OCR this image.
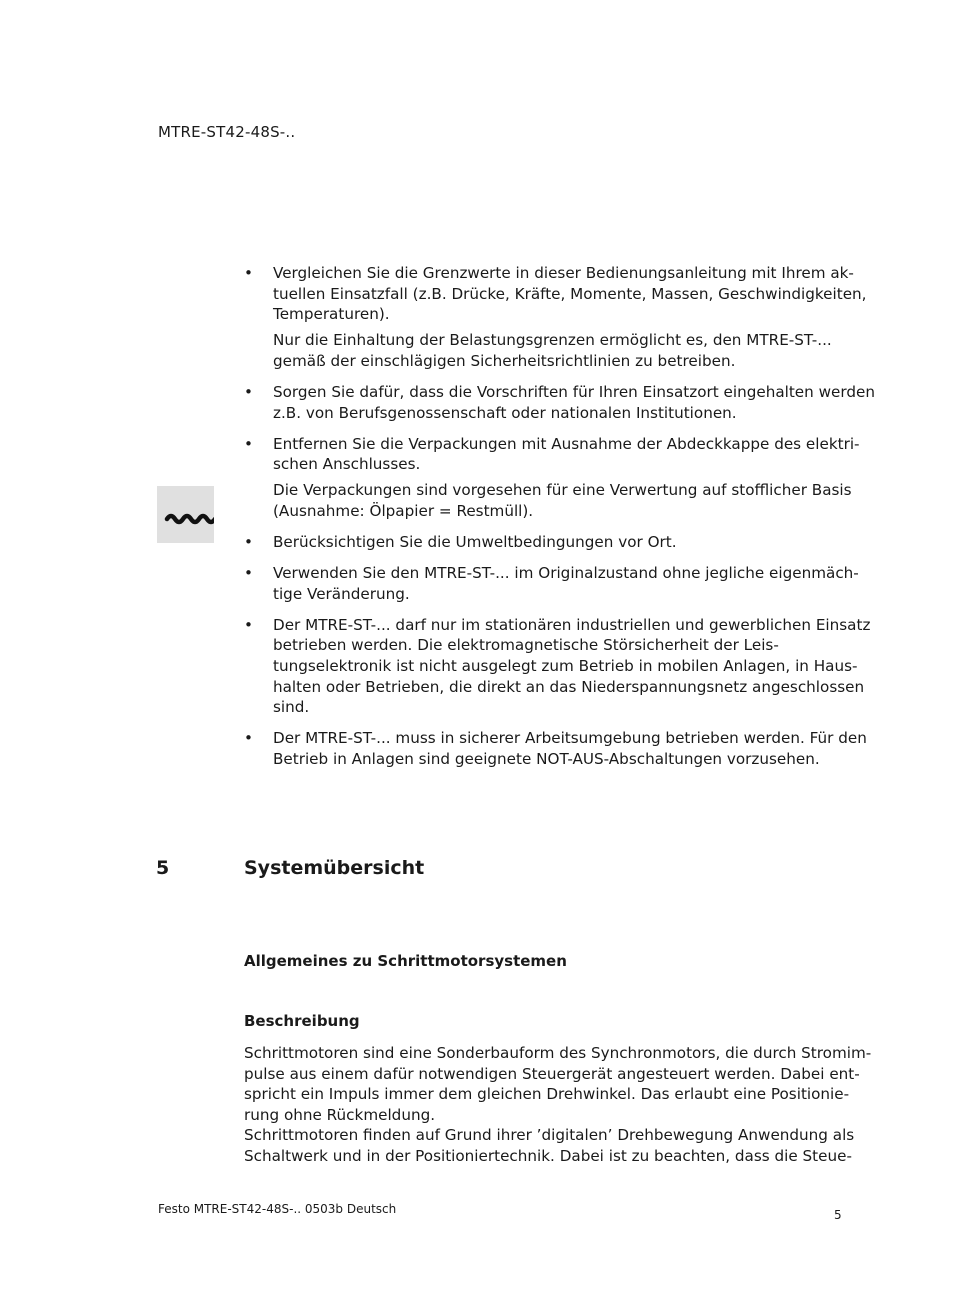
MTRE-ST42-48S-..
• Vergleichen Sie die Grenzwerte in dieser Bedienungsanleitung mit Ihrem ak-
tuellen Einsatzfall (z.B. Drücke, Kräfte, Momente, Massen, Geschwindigkeiten,
Temperaturen).

Nur die Einhaltung der Belastungsgrenzen ermöglicht es, den MTRE-ST-...
gemäß der einschlägigen Sicherheitsrichtlinien zu betreiben.

• Sorgen Sie dafür, dass die Vorschriften für Ihren Einsatzort eingehalten werden
z.B. von Berufsgenossenschaft oder nationalen Institutionen.

• Entfernen Sie die Verpackungen mit Ausnahme der Abdeckkappe des elektri-
schen Anschlusses.

Die Verpackungen sind vorgesehen für eine Verwertung auf stofflicher Basis
(Ausnahme: Ölpapier = Restmüll).

• Berücksichtigen Sie die Umweltbedingungen vor Ort.

• Verwenden Sie den MTRE-ST-... im Originalzustand ohne jegliche eigenmäch-
tige Veränderung.

• Der MTRE-ST-... darf nur im stationären industriellen und gewerblichen Einsatz
betrieben werden. Die elektromagnetische Störsicherheit der Leis-
tungselektronik ist nicht ausgelegt zum Betrieb in mobilen Anlagen, in Haus-
halten oder Betrieben, die direkt an das Niederspannungsnetz angeschlossen
sind.

• Der MTRE-ST-... muss in sicherer Arbeitsumgebung betrieben werden. Für den
Betrieb in Anlagen sind geeignete NOT-AUS-Abschaltungen vorzusehen.

5	Systemübersicht
Allgemeines zu Schrittmotorsystemen
Beschreibung
Schrittmotoren sind eine Sonderbauform des Synchronmotors, die durch Stromim-
pulse aus einem dafür notwendigen Steuergerät angesteuert werden. Dabei ent-
spricht ein Impuls immer dem gleichen Drehwinkel. Das erlaubt eine Positionie-
rung ohne Rückmeldung.
Schrittmotoren finden auf Grund ihrer ’digitalen’ Drehbewegung Anwendung als
Schaltwerk und in der Positioniertechnik. Dabei ist zu beachten, dass die Steue-
Festo MTRE-ST42-48S-.. 0503b Deutsch	5
